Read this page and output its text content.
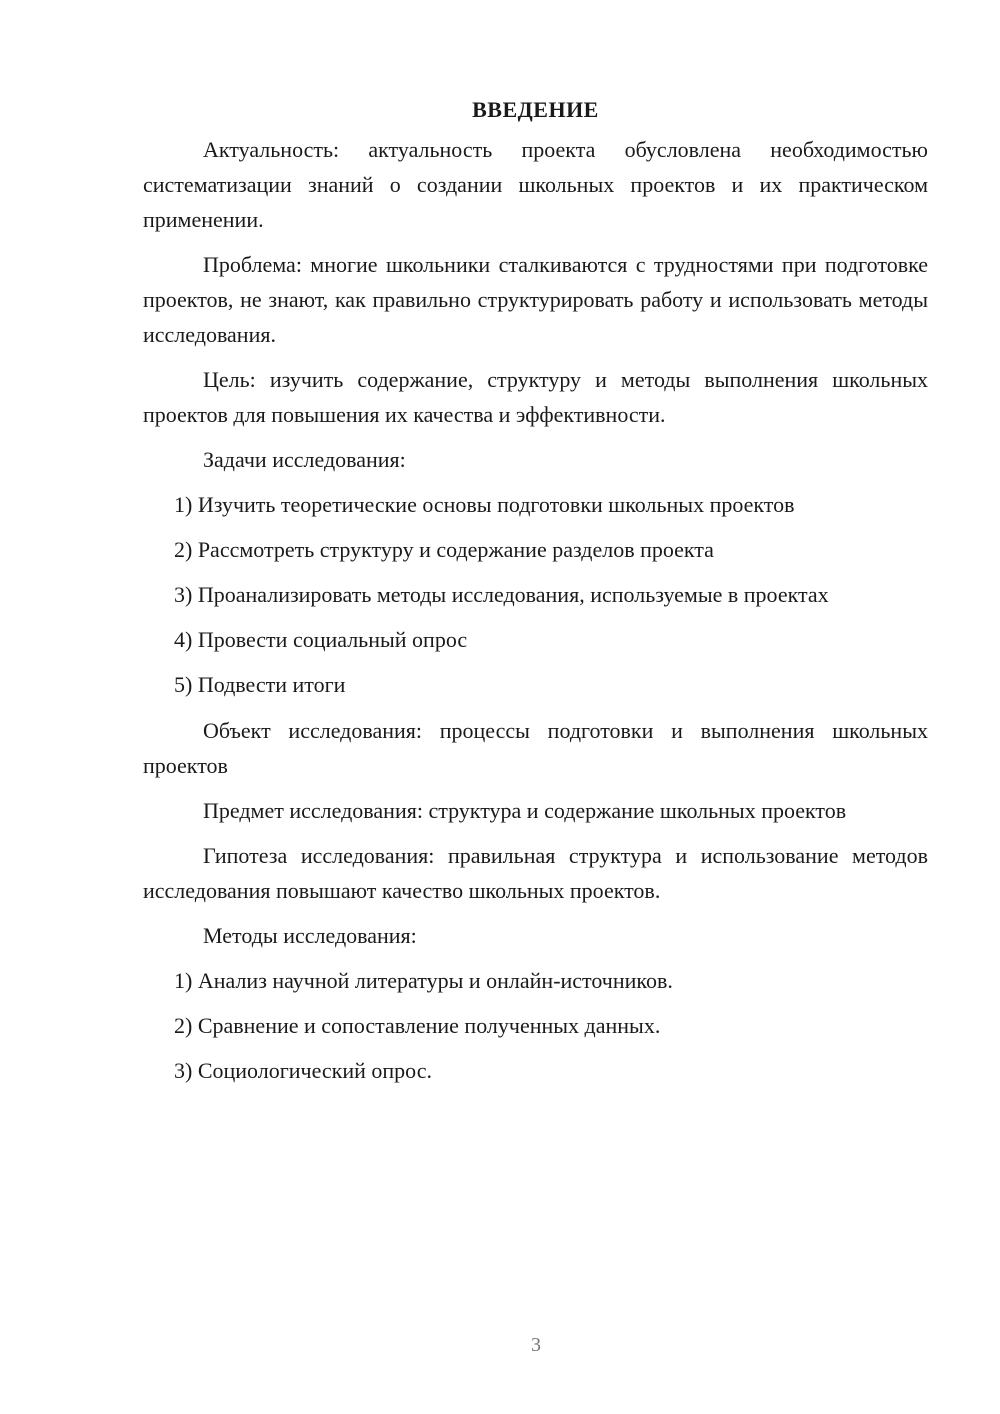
ВВЕДЕНИЕ

Актуальность: актуальность проекта обусловлена необходимостью систематизации знаний о создании школьных проектов и их практическом применении.

Проблема: многие школьники сталкиваются с трудностями при подготовке проектов, не знают, как правильно структурировать работу и использовать методы исследования.

Цель: изучить содержание, структуру и методы выполнения школьных проектов для повышения их качества и эффективности.

Задачи исследования:

1) Изучить теоретические основы подготовки школьных проектов
2) Рассмотреть структуру и содержание разделов проекта
3) Проанализировать методы исследования, используемые в проектах
4) Провести социальный опрос
5) Подвести итоги

Объект исследования: процессы подготовки и выполнения школьных проектов

Предмет исследования: структура и содержание школьных проектов

Гипотеза исследования: правильная структура и использование методов исследования повышают качество школьных проектов.

Методы исследования:

1) Анализ научной литературы и онлайн-источников.
2) Сравнение и сопоставление полученных данных.
3) Социологический опрос.
3
